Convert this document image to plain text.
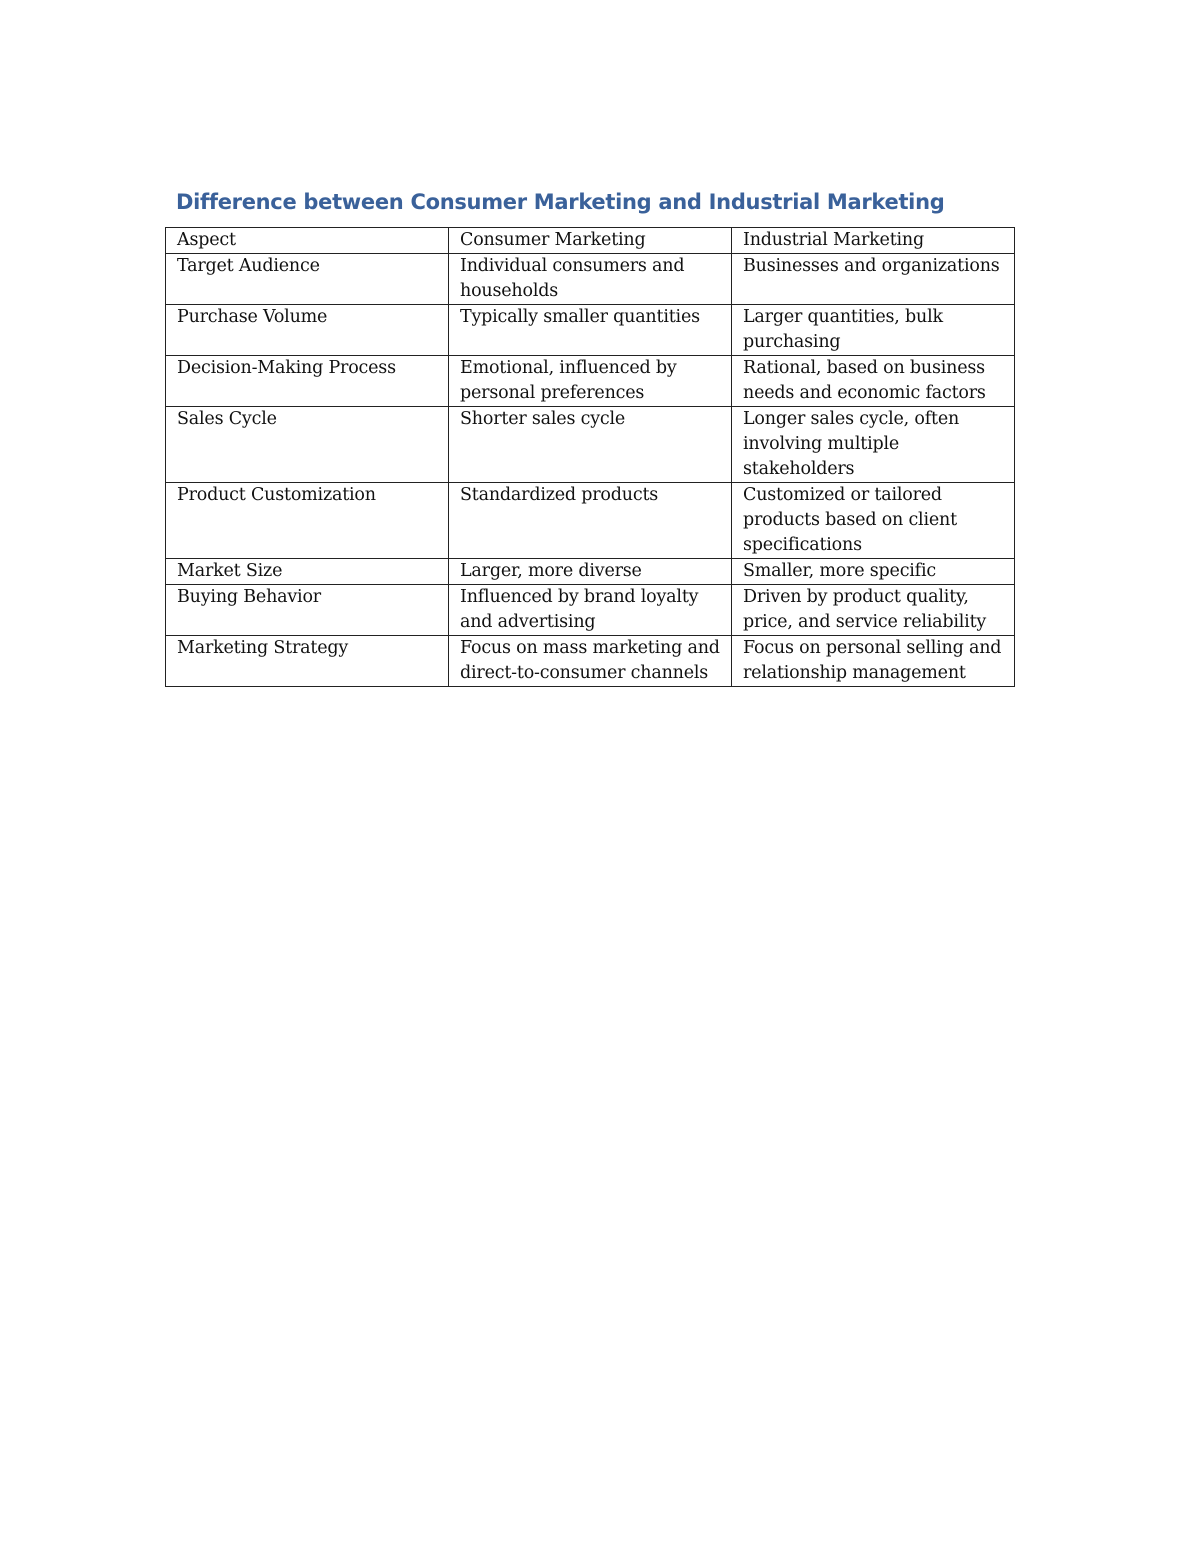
Difference between Consumer Marketing and Industrial Marketing
Aspect	Consumer Marketing	Industrial Marketing
Target Audience	Individual consumers and households	Businesses and organizations
Purchase Volume	Typically smaller quantities	Larger quantities, bulk purchasing
Decision-Making Process	Emotional, influenced by personal preferences	Rational, based on business needs and economic factors
Sales Cycle	Shorter sales cycle	Longer sales cycle, often involving multiple stakeholders
Product Customization	Standardized products	Customized or tailored products based on client specifications
Market Size	Larger, more diverse	Smaller, more specific
Buying Behavior	Influenced by brand loyalty and advertising	Driven by product quality, price, and service reliability
Marketing Strategy	Focus on mass marketing and direct-to-consumer channels	Focus on personal selling and relationship management
